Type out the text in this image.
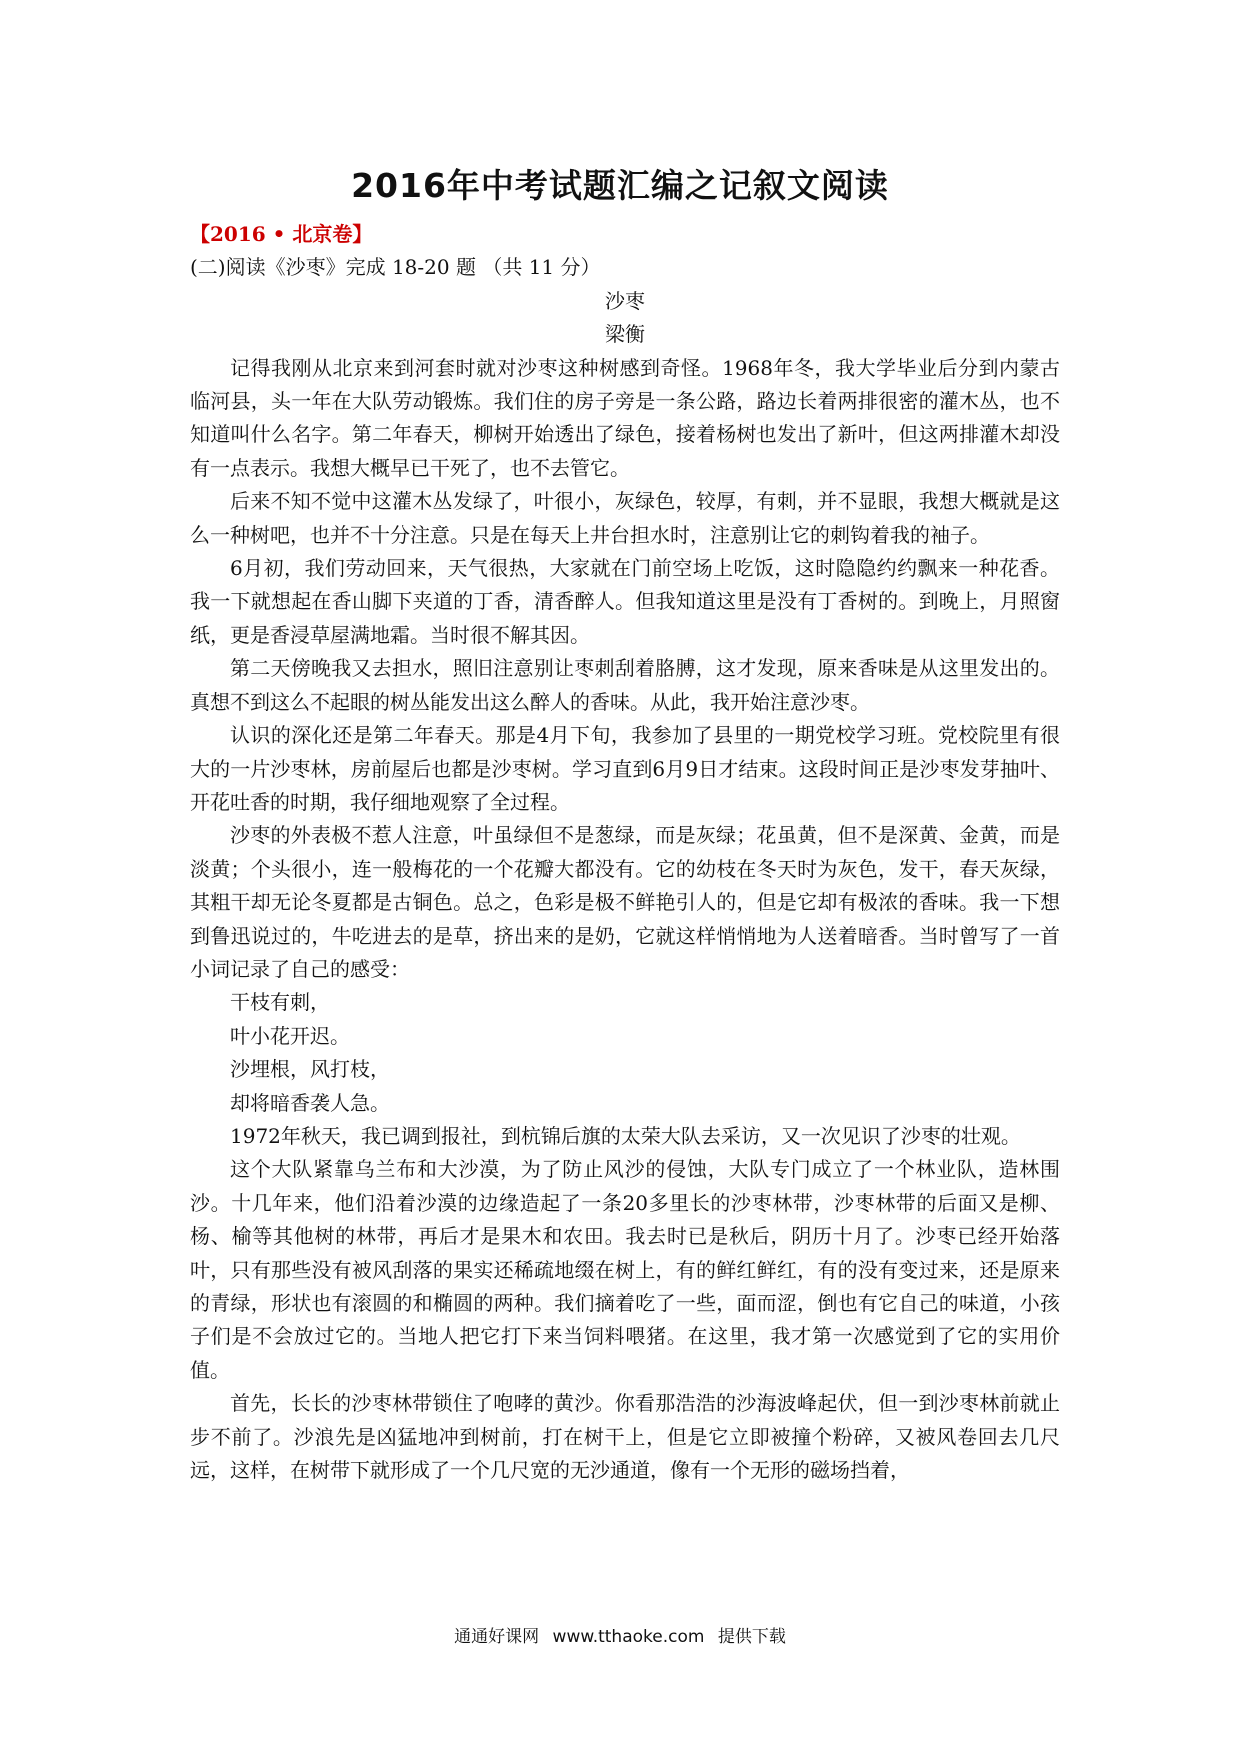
2016年中考试题汇编之记叙文阅读
【2016 • 北京卷】
(二)阅读《沙枣》完成 18-20 题 （共 11 分）
沙枣
梁衡

记得我刚从北京来到河套时就对沙枣这种树感到奇怪。1968年冬，我大学毕业后分到内蒙古临河县，头一年在大队劳动锻炼。我们住的房子旁是一条公路，路边长着两排很密的灌木丛，也不知道叫什么名字。第二年春天，柳树开始透出了绿色，接着杨树也发出了新叶，但这两排灌木却没有一点表示。我想大概早已干死了，也不去管它。

后来不知不觉中这灌木丛发绿了，叶很小，灰绿色，较厚，有刺，并不显眼，我想大概就是这么一种树吧，也并不十分注意。只是在每天上井台担水时，注意别让它的刺钩着我的袖子。

6月初，我们劳动回来，天气很热，大家就在门前空场上吃饭，这时隐隐约约飘来一种花香。我一下就想起在香山脚下夹道的丁香，清香醉人。但我知道这里是没有丁香树的。到晚上，月照窗纸，更是香浸草屋满地霜。当时很不解其因。

第二天傍晚我又去担水，照旧注意别让枣刺刮着胳膊，这才发现，原来香味是从这里发出的。真想不到这么不起眼的树丛能发出这么醉人的香味。从此，我开始注意沙枣。

认识的深化还是第二年春天。那是4月下旬，我参加了县里的一期党校学习班。党校院里有很大的一片沙枣林，房前屋后也都是沙枣树。学习直到6月9日才结束。这段时间正是沙枣发芽抽叶、开花吐香的时期，我仔细地观察了全过程。

沙枣的外表极不惹人注意，叶虽绿但不是葱绿，而是灰绿；花虽黄，但不是深黄、金黄，而是淡黄；个头很小，连一般梅花的一个花瓣大都没有。它的幼枝在冬天时为灰色，发干，春天灰绿，其粗干却无论冬夏都是古铜色。总之，色彩是极不鲜艳引人的，但是它却有极浓的香味。我一下想到鲁迅说过的，牛吃进去的是草，挤出来的是奶，它就这样悄悄地为人送着暗香。当时曾写了一首小词记录了自己的感受：

干枝有刺，

叶小花开迟。

沙埋根，风打枝，

却将暗香袭人急。

1972年秋天，我已调到报社，到杭锦后旗的太荣大队去采访，又一次见识了沙枣的壮观。

这个大队紧靠乌兰布和大沙漠，为了防止风沙的侵蚀，大队专门成立了一个林业队，造林围沙。十几年来，他们沿着沙漠的边缘造起了一条20多里长的沙枣林带，沙枣林带的后面又是柳、杨、榆等其他树的林带，再后才是果木和农田。我去时已是秋后，阴历十月了。沙枣已经开始落叶，只有那些没有被风刮落的果实还稀疏地缀在树上，有的鲜红鲜红，有的没有变过来，还是原来的青绿，形状也有滚圆的和椭圆的两种。我们摘着吃了一些，面而涩，倒也有它自己的味道，小孩子们是不会放过它的。当地人把它打下来当饲料喂猪。在这里，我才第一次感觉到了它的实用价值。

首先，长长的沙枣林带锁住了咆哮的黄沙。你看那浩浩的沙海波峰起伏，但一到沙枣林前就止步不前了。沙浪先是凶猛地冲到树前，打在树干上，但是它立即被撞个粉碎，又被风卷回去几尺远，这样，在树带下就形成了一个几尺宽的无沙通道，像有一个无形的磁场挡着，

通通好课网 www.tthaoke.com 提供下载
